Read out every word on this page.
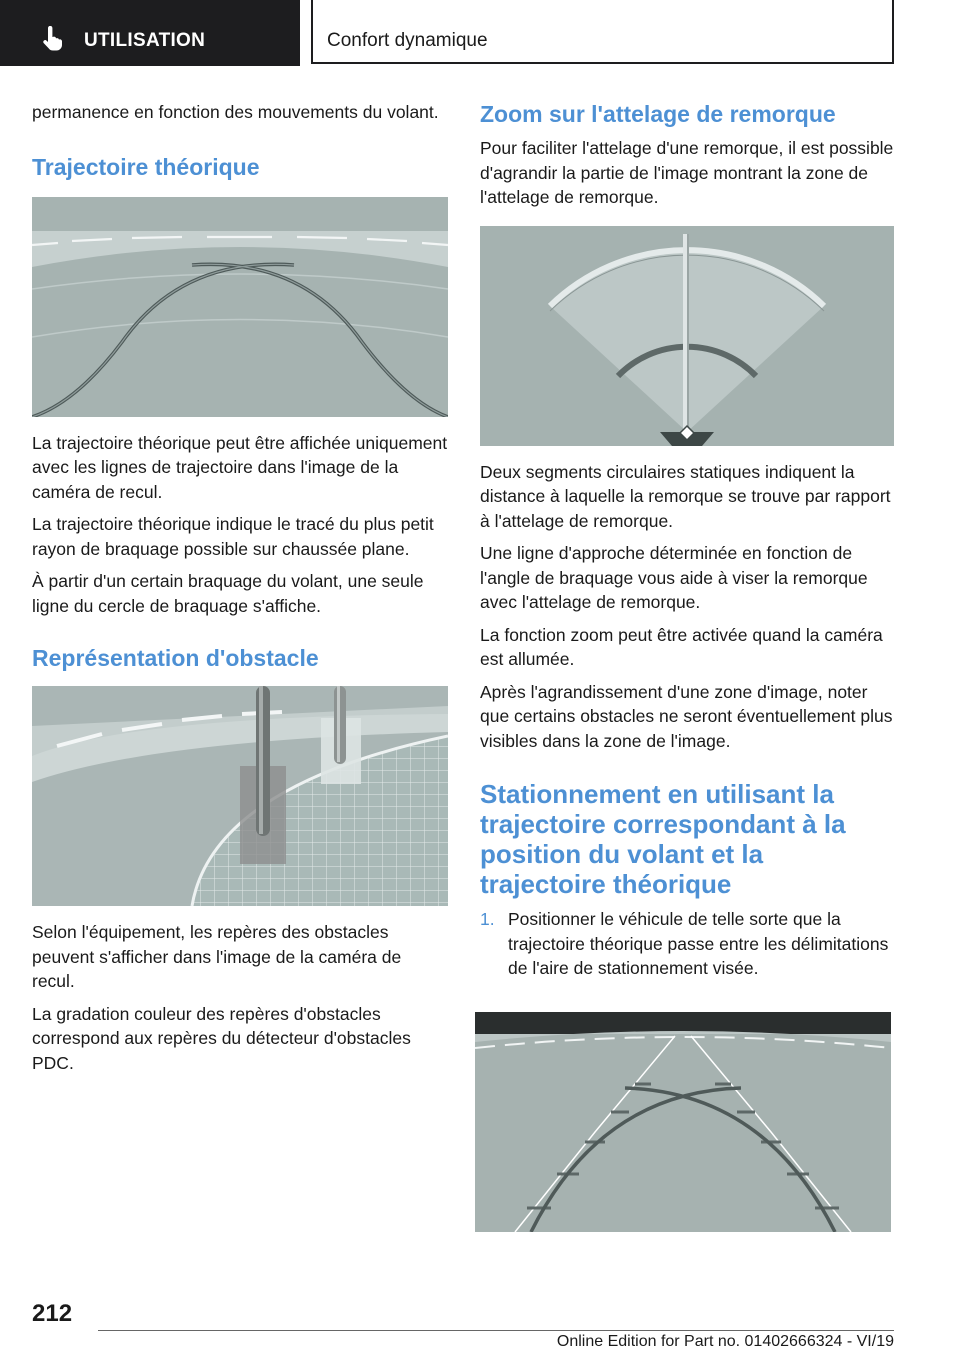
UTILISATION	Confort dynamique

permanence en fonction des mouvements du volant.

Trajectoire théorique

La trajectoire théorique peut être affichée uniquement avec les lignes de trajectoire dans l'image de la caméra de recul.

La trajectoire théorique indique le tracé du plus petit rayon de braquage possible sur chaussée plane.

À partir d'un certain braquage du volant, une seule ligne du cercle de braquage s'affiche.

Représentation d'obstacle

Selon l'équipement, les repères des obstacles peuvent s'afficher dans l'image de la caméra de recul.

La gradation couleur des repères d'obstacles correspond aux repères du détecteur d'obstacles PDC.

Zoom sur l'attelage de remorque

Pour faciliter l'attelage d'une remorque, il est possible d'agrandir la partie de l'image montrant la zone de l'attelage de remorque.

Deux segments circulaires statiques indiquent la distance à laquelle la remorque se trouve par rapport à l'attelage de remorque.

Une ligne d'approche déterminée en fonction de l'angle de braquage vous aide à viser la remorque avec l'attelage de remorque.

La fonction zoom peut être activée quand la caméra est allumée.

Après l'agrandissement d'une zone d'image, noter que certains obstacles ne seront éventuellement plus visibles dans la zone de l'image.

Stationnement en utilisant la trajectoire correspondant à la position du volant et la trajectoire théorique
1. Positionner le véhicule de telle sorte que la trajectoire théorique passe entre les délimitations de l'aire de stationnement visée.
212
Online Edition for Part no. 01402666324 - VI/19
